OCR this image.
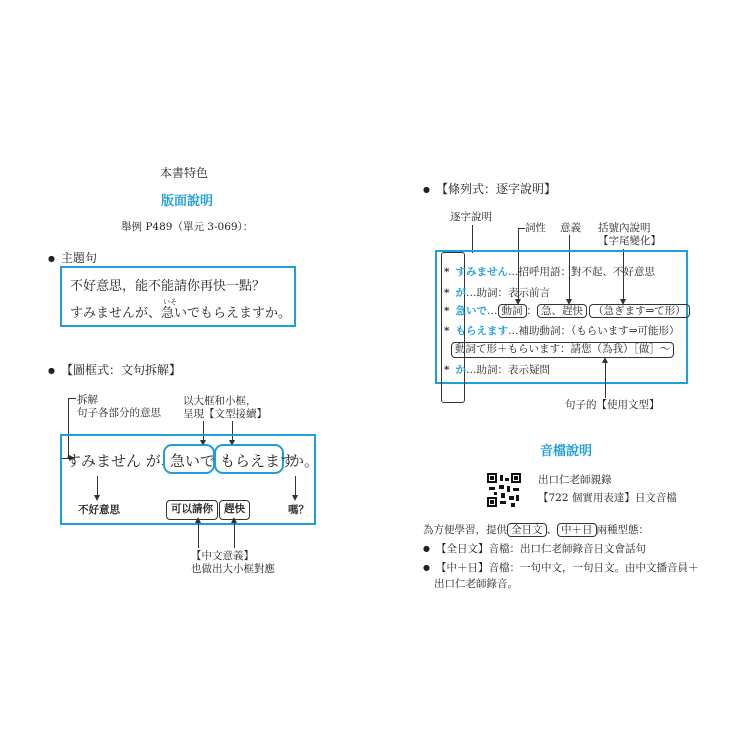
本書特色
版面說明
舉例 P489（單元 3-069）：
● 主題句
不好意思，能不能請你再快一點？
すみませんが、
いそ
急いでもらえますか。
● 【圖框式：文句拆解】
拆解
句子各部分的意思
以大框和小框，
呈現【文型接續】
すみません が、
急いで もらえます
か。
不好意思	可以請你	趕快	嗎？
【中文意義】
也做出大小框對應
● 【條列式：逐字說明】
逐字說明
詞性 意義 括號內說明
【字尾變化】
* すみません…招呼用語：對不起、不好意思
* が…助詞：表示前言
* 急いで… 動詞 ： 急、趕快 （急ぎます⇒て形）
* もらえます…補助動詞：（もらいます⇒可能形）
動詞て形＋もらいます：請您（為我）［做］〜
* か…助詞：表示疑問
句子的【使用文型】
音檔說明
出口仁老師親錄
【722 個實用表達】日文音檔
為方便學習，提供 全日文 、 中＋日 兩種型態：
● 【全日文】音檔：出口仁老師錄音日文會話句
● 【中＋日】音檔：一句中文，一句日文。由中文播音員＋
出口仁老師錄音。
